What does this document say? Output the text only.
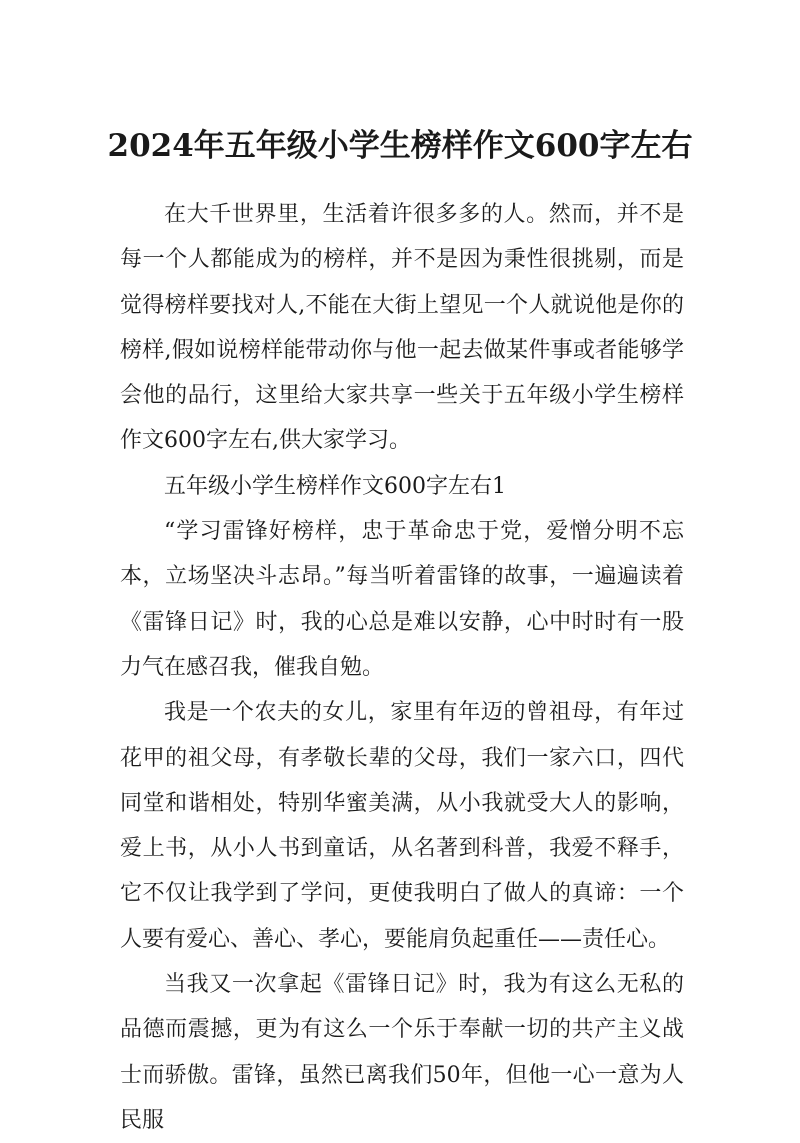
2024年五年级小学生榜样作文600字左右

在大千世界里，生活着许很多多的人。然而，并不是每一个人都能成为的榜样，并不是因为秉性很挑剔，而是觉得榜样要找对人,不能在大街上望见一个人就说他是你的榜样,假如说榜样能带动你与他一起去做某件事或者能够学会他的品行，这里给大家共享一些关于五年级小学生榜样作文600字左右,供大家学习。

五年级小学生榜样作文600字左右1

“学习雷锋好榜样，忠于革命忠于党，爱憎分明不忘本，立场坚决斗志昂。”每当听着雷锋的故事，一遍遍读着《雷锋日记》时，我的心总是难以安静，心中时时有一股力气在感召我，催我自勉。

我是一个农夫的女儿，家里有年迈的曾祖母，有年过花甲的祖父母，有孝敬长辈的父母，我们一家六口，四代同堂和谐相处，特别华蜜美满，从小我就受大人的影响，爱上书，从小人书到童话，从名著到科普，我爱不释手，它不仅让我学到了学问，更使我明白了做人的真谛：一个人要有爱心、善心、孝心，要能肩负起重任——责任心。

当我又一次拿起《雷锋日记》时，我为有这么无私的品德而震撼，更为有这么一个乐于奉献一切的共产主义战士而骄傲。雷锋，虽然已离我们50年，但他一心一意为人民服
